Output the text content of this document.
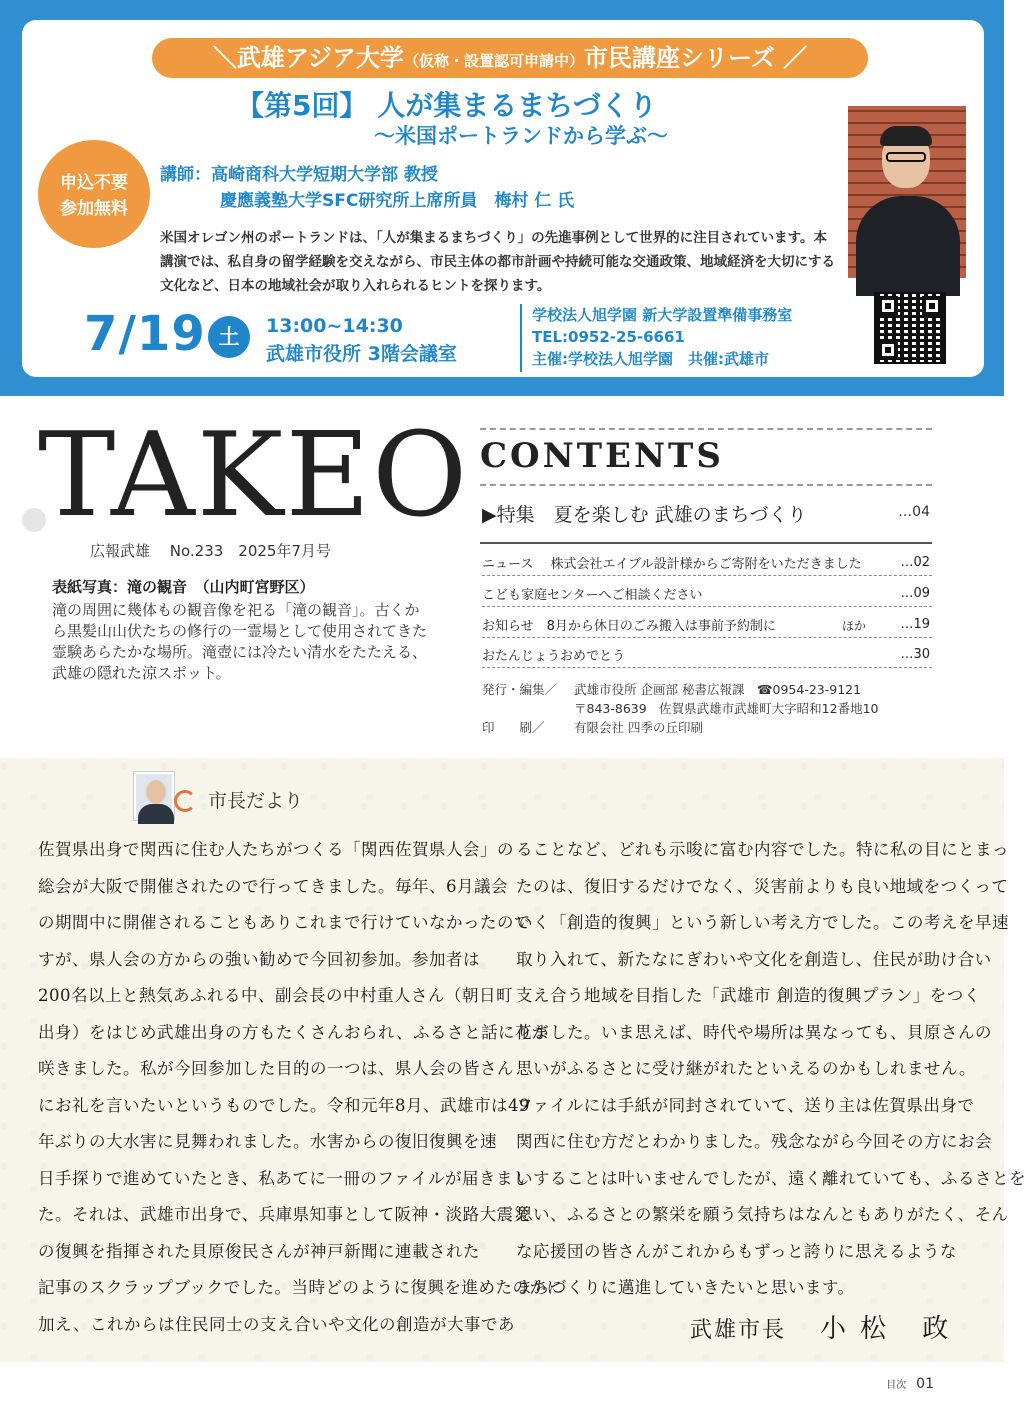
＼武雄アジア大学（仮称・設置認可申請中）市民講座シリーズ ／
【第5回】 人が集まるまちづくり
～米国ポートランドから学ぶ～
申込不要
参加無料
講師：高崎商科大学短期大学部 教授
慶應義塾大学SFC研究所上席所員　梅村 仁 氏
米国オレゴン州のポートランドは、「人が集まるまちづくり」の先進事例として世界的に注目されています。本講演では、私自身の留学経験を交えながら、市民主体の都市計画や持続可能な交通政策、地域経済を大切にする文化など、日本の地域社会が取り入れられるヒントを探ります。
7/19 土	13:00~14:30
武雄市役所 3階会議室
学校法人旭学園 新大学設置準備事務室
TEL:0952-25-6661
主催:学校法人旭学園　共催:武雄市
TAKEO
広報武雄　 No.233　2025年7月号
表紙写真：滝の観音　（山内町宮野区）
滝の周囲に幾体もの観音像を祀る「滝の観音」。古くから黒髪山山伏たちの修行の一霊場として使用されてきた霊験あらたかな場所。滝壺には冷たい清水をたたえる、武雄の隠れた涼スポット。
CONTENTS
▶特集　夏を楽しむ 武雄のまちづくり	…04
ニュース　 株式会社エイブル設計様からご寄附をいただきました	…02
こども家庭センターへご相談ください	…09
お知らせ　8月から休日のごみ搬入は事前予約制に	ほか	…19
おたんじょうおめでとう	…30
発行・編集／ 武雄市役所 企画部 秘書広報課　☎0954-23-9121
〒843-8639　佐賀県武雄市武雄町大字昭和12番地10
印　　刷／ 有限会社 四季の丘印刷
市長だより
佐賀県出身で関西に住む人たちがつくる「関西佐賀県人会」の
総会が大阪で開催されたので行ってきました。毎年、6月議会
の期間中に開催されることもありこれまで行けていなかったので
すが、県人会の方からの強い勧めで今回初参加。参加者は
200名以上と熱気あふれる中、副会長の中村重人さん（朝日町
出身）をはじめ武雄出身の方もたくさんおられ、ふるさと話に花が
咲きました。私が今回参加した目的の一つは、県人会の皆さん
にお礼を言いたいというものでした。令和元年8月、武雄市は49
年ぶりの大水害に見舞われました。水害からの復旧復興を速
日手探りで進めていたとき、私あてに一冊のファイルが届きまし
た。それは、武雄市出身で、兵庫県知事として阪神・淡路大震災
の復興を指揮された貝原俊民さんが神戸新聞に連載された
記事のスクラップブックでした。当時どのように復興を進めたのかに
加え、これからは住民同士の支え合いや文化の創造が大事であ
ることなど、どれも示唆に富む内容でした。特に私の目にとまっ
たのは、復旧するだけでなく、災害前よりも良い地域をつくって
いく「創造的復興」という新しい考え方でした。この考えを早速
取り入れて、新たなにぎわいや文化を創造し、住民が助け合い
支え合う地域を目指した「武雄市 創造的復興プラン」をつく
りました。いま思えば、時代や場所は異なっても、貝原さんの
思いがふるさとに受け継がれたといえるのかもしれません。
ファイルには手紙が同封されていて、送り主は佐賀県出身で
関西に住む方だとわかりました。残念ながら今回その方にお会
いすることは叶いませんでしたが、遠く離れていても、ふるさとを
思い、ふるさとの繁栄を願う気持ちはなんともありがたく、そん
な応援団の皆さんがこれからもずっと誇りに思えるような
まちづくりに邁進していきたいと思います。
武雄市長 小松 政
目次 01
